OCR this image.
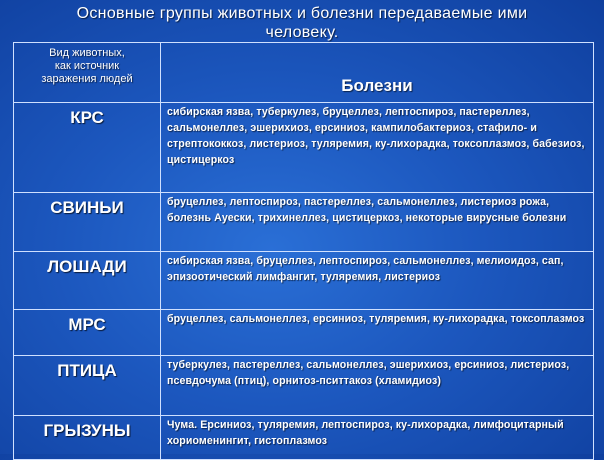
Основные группы животных и болезни передаваемые ими
человеку.
Вид животных,
как источник
заражения людей	Болезни
КРС	сибирская язва, туберкулез, бруцеллез, лептоспироз, пастереллез, сальмонеллез, эшерихиоз, ерсиниоз, кампилобактериоз, стафило- и стрептококкоз, листериоз, туляремия, ку-лихорадка, токсоплазмоз, бабезиоз, цистицеркоз
СВИНЬИ	бруцеллез, лептоспироз, пастереллез, сальмонеллез, листериоз рожа, болезнь Ауески, трихинеллез, цистицеркоз, некоторые вирусные болезни
ЛОШАДИ	сибирская язва, бруцеллез, лептоспироз, сальмонеллез, мелиоидоз, сап, эпизоотический лимфангит, туляремия, листериоз
МРС	бруцеллез, сальмонеллез, ерсиниоз, туляремия, ку-лихорадка, токсоплазмоз
ПТИЦА	туберкулез, пастереллез, сальмонеллез, эшерихиоз, ерсиниоз, листериоз, псевдочума (птиц), орнитоз-пситтакоз (хламидиоз)
ГРЫЗУНЫ	Чума. Ерсиниоз, туляремия, лептоспироз, ку-лихорадка, лимфоцитарный хориоменингит, гистоплазмоз
